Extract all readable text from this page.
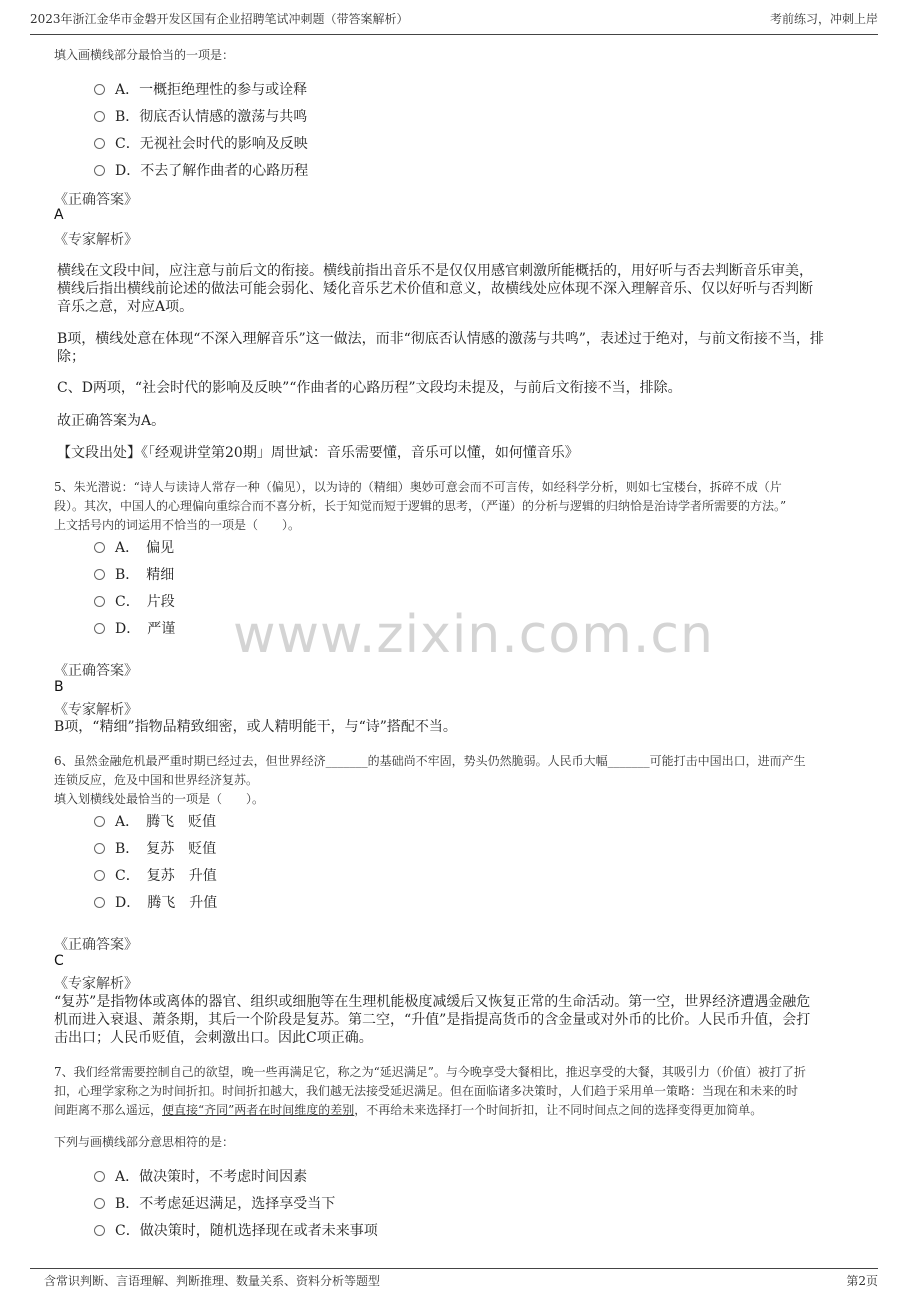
2023年浙江金华市金磐开发区国有企业招聘笔试冲刺题（带答案解析）	考前练习，冲刺上岸
填入画横线部分最恰当的一项是：
A．一概拒绝理性的参与或诠释
B．彻底否认情感的激荡与共鸣
C．无视社会时代的影响及反映
D．不去了解作曲者的心路历程
《正确答案》
A
《专家解析》
横线在文段中间，应注意与前后文的衔接。横线前指出音乐不是仅仅用感官刺激所能概括的，用好听与否去判断音乐审美，
横线后指出横线前论述的做法可能会弱化、矮化音乐艺术价值和意义，故横线处应体现不深入理解音乐、仅以好听与否判断
音乐之意，对应A项。
B项，横线处意在体现“不深入理解音乐”这一做法，而非“彻底否认情感的激荡与共鸣”，表述过于绝对，与前文衔接不当，排
除；
C、D两项，“社会时代的影响及反映”“作曲者的心路历程”文段均未提及，与前后文衔接不当，排除。
故正确答案为A。
【文段出处】《「经观讲堂第20期」周世斌：音乐需要懂，音乐可以懂，如何懂音乐》
5、朱光潜说：“诗人与读诗人常存一种（偏见），以为诗的（精细）奥妙可意会而不可言传，如经科学分析，则如七宝楼台，拆碎不成（片
段）。其次，中国人的心理偏向重综合而不喜分析，长于知觉而短于逻辑的思考，（严谨）的分析与逻辑的归纳恰是治诗学者所需要的方法。”
上文括号内的词运用不恰当的一项是（　　）。
A．　偏见
B．　精细
C．　片段
D．　严谨
《正确答案》
B
《专家解析》
B项，“精细”指物品精致细密，或人精明能干，与“诗”搭配不当。
www.zixin.com.cn
6、虽然金融危机最严重时期已经过去，但世界经济_______的基础尚不牢固，势头仍然脆弱。人民币大幅_______可能打击中国出口，进而产生
连锁反应，危及中国和世界经济复苏。
填入划横线处最恰当的一项是（　　）。
A．　腾飞　贬值
B．　复苏　贬值
C．　复苏　升值
D．　腾飞　升值
《正确答案》
C
《专家解析》
“复苏”是指物体或离体的器官、组织或细胞等在生理机能极度减缓后又恢复正常的生命活动。第一空，世界经济遭遇金融危
机而进入衰退、萧条期，其后一个阶段是复苏。第二空，“升值”是指提高货币的含金量或对外币的比价。人民币升值，会打
击出口；人民币贬值，会刺激出口。因此C项正确。
7、我们经常需要控制自己的欲望，晚一些再满足它，称之为“延迟满足”。与今晚享受大餐相比，推迟享受的大餐，其吸引力（价值）被打了折
扣，心理学家称之为时间折扣。时间折扣越大，我们越无法接受延迟满足。但在面临诸多决策时，人们趋于采用单一策略：当现在和未来的时
间距离不那么遥远，便直接“齐同”两者在时间维度的差别，不再给未来选择打一个时间折扣，让不同时间点之间的选择变得更加简单。
下列与画横线部分意思相符的是：
A．做决策时，不考虑时间因素
B．不考虑延迟满足，选择享受当下
C．做决策时，随机选择现在或者未来事项
含常识判断、言语理解、判断推理、数量关系、资料分析等题型	第2页
